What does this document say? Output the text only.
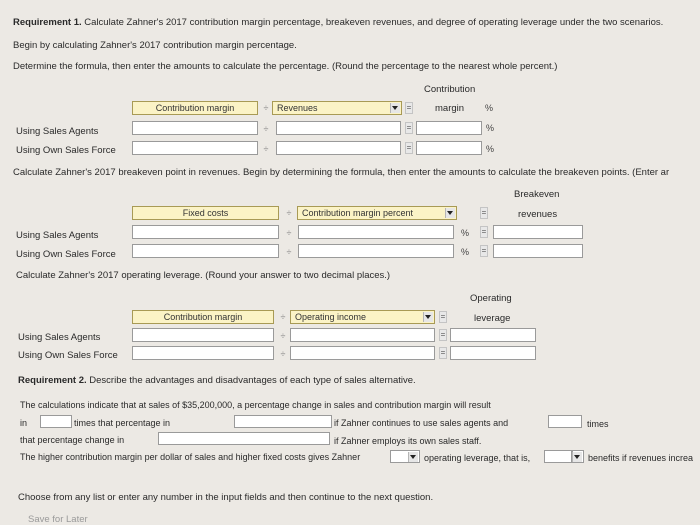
Requirement 1. Calculate Zahner's 2017 contribution margin percentage, breakeven revenues, and degree of operating leverage under the two scenarios.
Begin by calculating Zahner's 2017 contribution margin percentage.
Determine the formula, then enter the amounts to calculate the percentage. (Round the percentage to the nearest whole percent.)
Contribution
Contribution margin	÷ Revenues	= margin %
Using Sales Agents	÷	=	%
Using Own Sales Force	÷	=	%
Calculate Zahner's 2017 breakeven point in revenues. Begin by determining the formula, then enter the amounts to calculate the breakeven points. (Enter ar
Breakeven
Fixed costs	÷	Contribution margin percent	=	revenues
Using Sales Agents	÷	% =
Using Own Sales Force	÷	% =
Calculate Zahner's 2017 operating leverage. (Round your answer to two decimal places.)
Operating
Contribution margin	÷	Operating income	=	leverage
Using Sales Agents	÷	=
Using Own Sales Force	÷	=
Requirement 2. Describe the advantages and disadvantages of each type of sales alternative.
The calculations indicate that at sales of $35,200,000, a percentage change in sales and contribution margin will result
in	times that percentage in	if Zahner continues to use sales agents and	times
that percentage change in	if Zahner employs its own sales staff.
The higher contribution margin per dollar of sales and higher fixed costs gives Zahner	operating leverage, that is,	benefits if revenues increa
Choose from any list or enter any number in the input fields and then continue to the next question.
Save for Later
